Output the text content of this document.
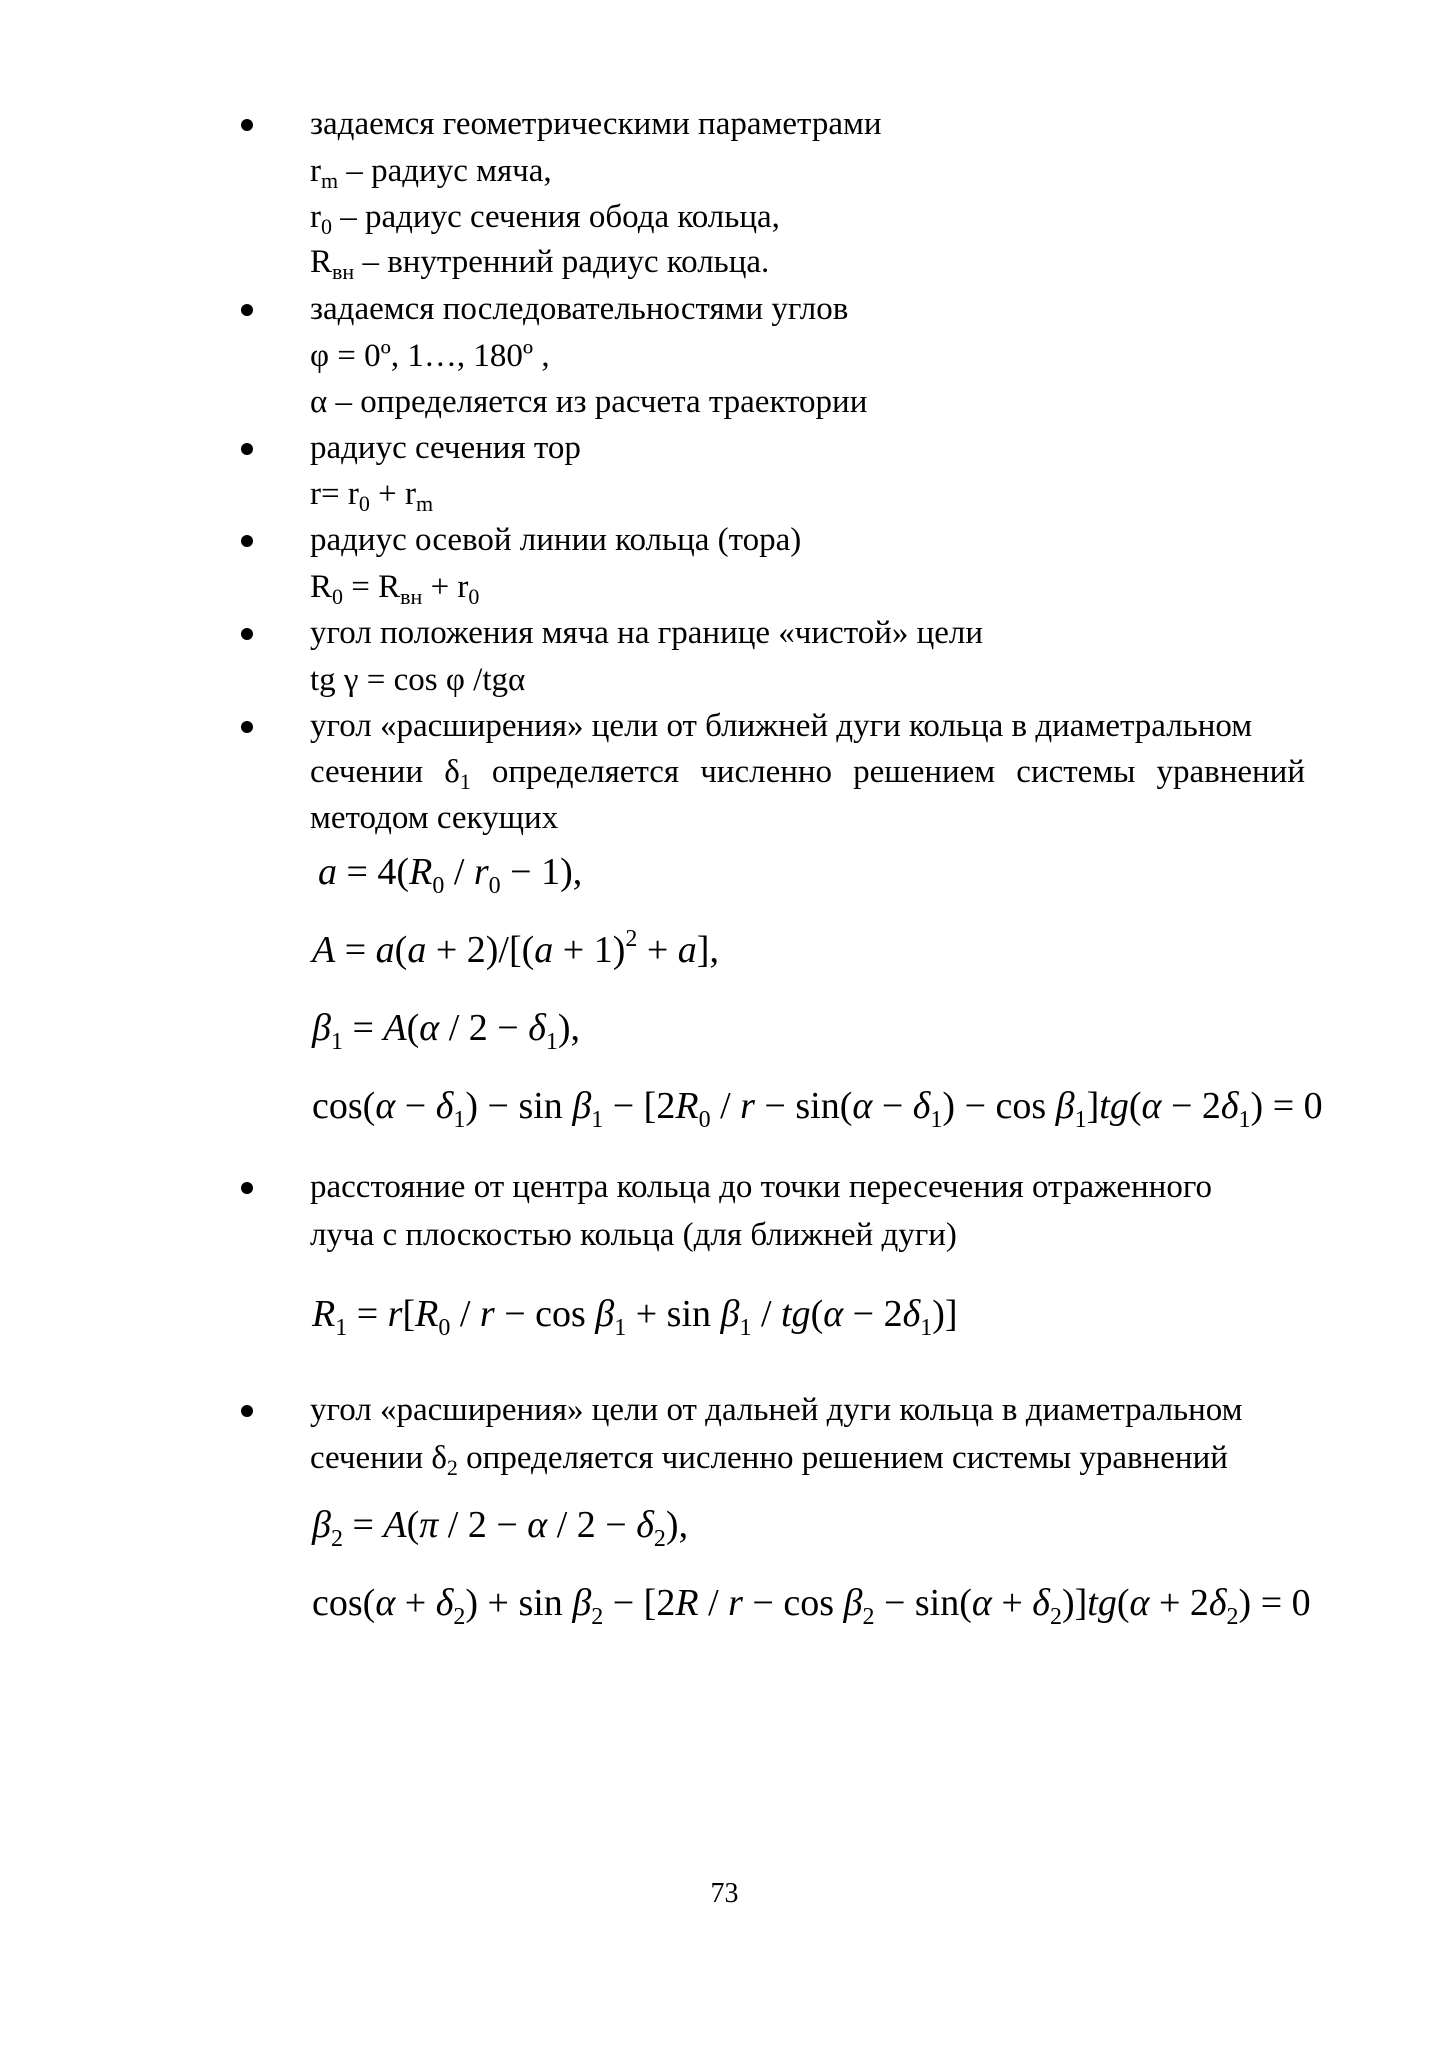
задаемся геометрическими параметрами
$r_m$ – радиус мяча,
$r_0$ – радиус сечения обода кольца,
$R_{вн}$ – внутренний радиус кольца.
задаемся последовательностями углов
φ = 0º, 1…, 180º ,
α – определяется из расчета траектории
радиус сечения тор
$r= r_0 + r_m$
радиус осевой линии кольца (тора)
$R_0 = R_{вн} + r_0$
угол положения мяча на границе «чистой» цели
tg γ = cos φ /tgα
угол «расширения» цели от ближней дуги кольца в диаметральном
сечении $\delta_1$ определяется численно решением системы уравнений
методом секущих
$a = 4(R_0 / r_0 - 1)$,
$A = a(a + 2)/[(a + 1)^2 + a]$,
$\beta_1 = A(\alpha / 2 - \delta_1)$,
$\cos(\alpha - \delta_1) - \sin \beta_1 - [2R_0 / r - \sin(\alpha - \delta_1) - \cos \beta_1]tg(\alpha - 2\delta_1) = 0$
расстояние от центра кольца до точки пересечения отраженного
луча с плоскостью кольца (для ближней дуги)
$R_1 = r[R_0 / r - \cos \beta_1 + \sin \beta_1 / tg(\alpha - 2\delta_1)]$
угол «расширения» цели от дальней дуги кольца в диаметральном
сечении $\delta_2$ определяется численно решением системы уравнений
$\beta_2 = A(\pi / 2 - \alpha / 2 - \delta_2)$,
$\cos(\alpha + \delta_2) + \sin \beta_2 - [2R / r - \cos \beta_2 - \sin(\alpha + \delta_2)]tg(\alpha + 2\delta_2) = 0$
73
